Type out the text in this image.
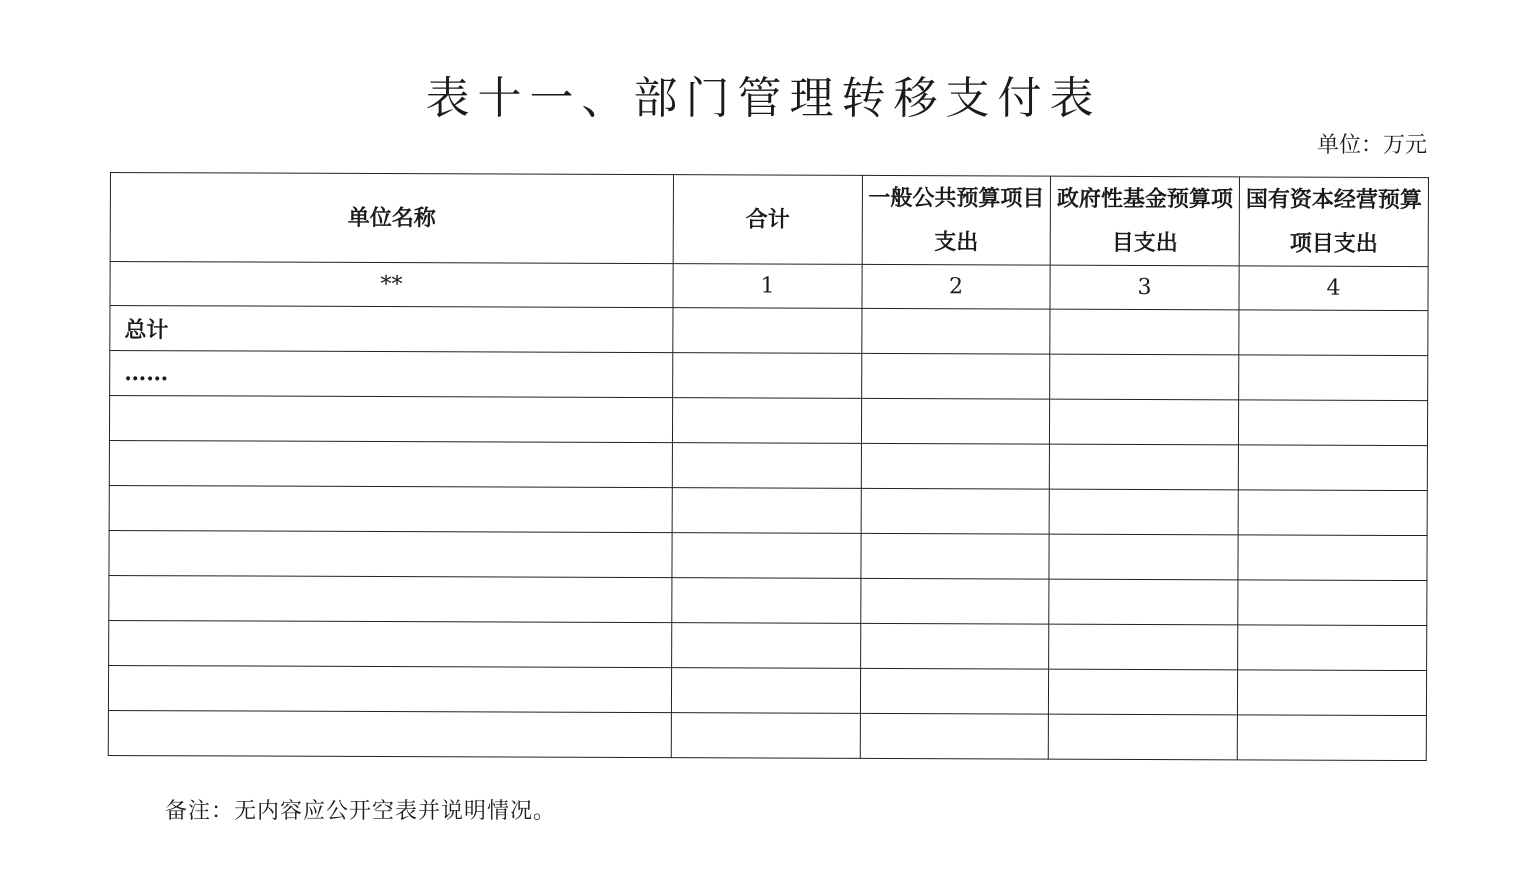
表十一、部门管理转移支付表
单位：万元
单位名称	合计	一般公共预算项目支出	政府性基金预算项目支出	国有资本经营预算项目支出
**	1	2	3	4
总计				
……				

备注：无内容应公开空表并说明情况。
